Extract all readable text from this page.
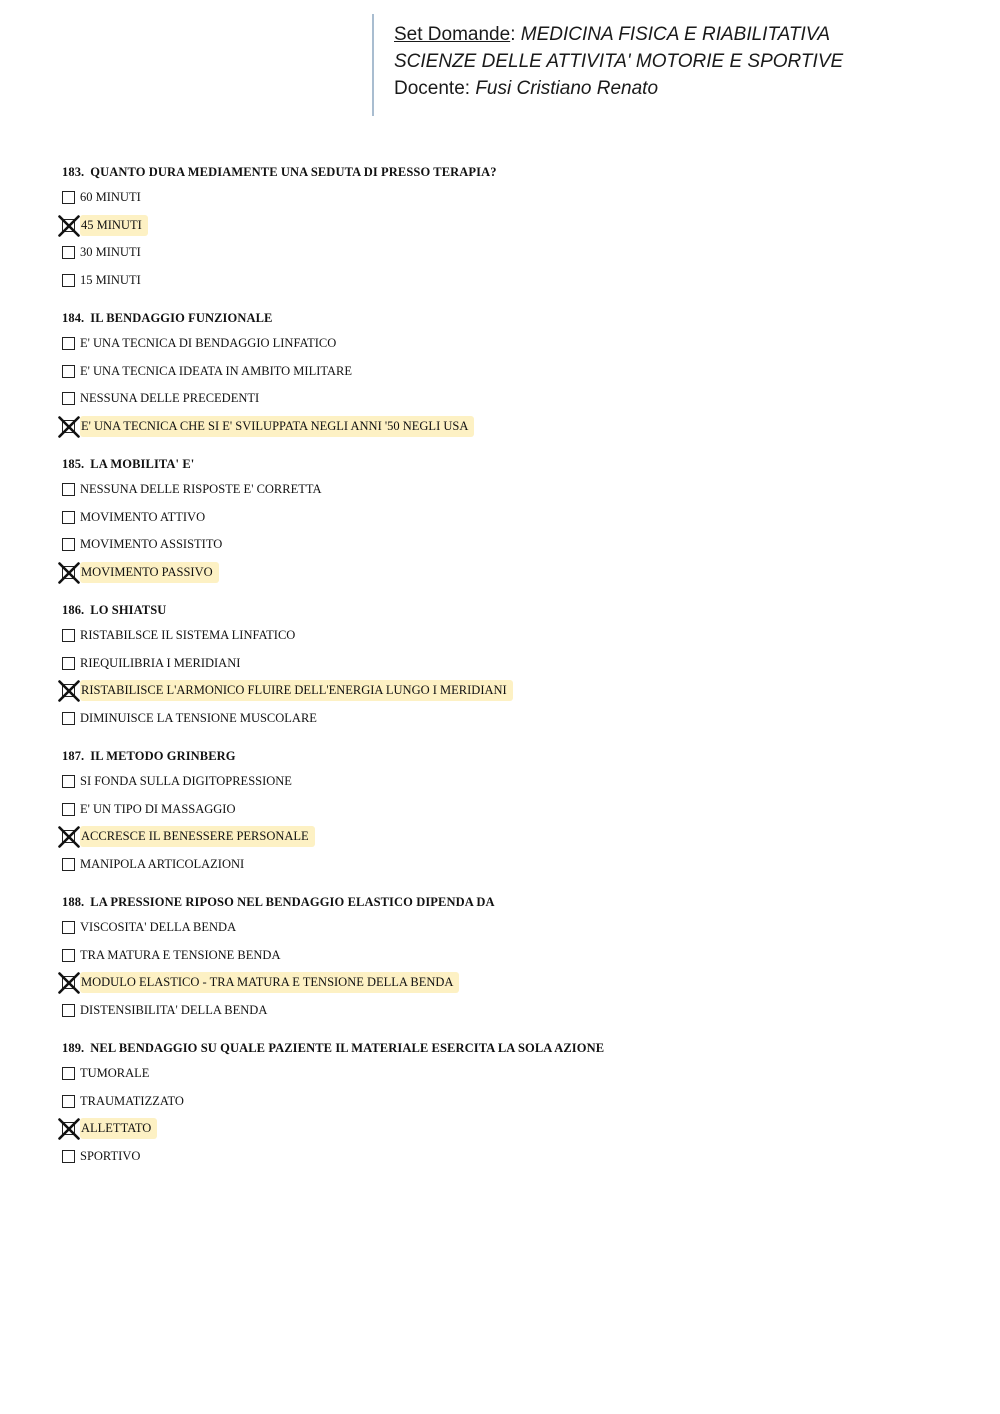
Set Domande: MEDICINA FISICA E RIABILITATIVA
SCIENZE DELLE ATTIVITA' MOTORIE E SPORTIVE
Docente: Fusi Cristiano Renato
183. QUANTO DURA MEDIAMENTE UNA SEDUTA DI PRESSO TERAPIA?
60 MINUTI
45 MINUTI
30 MINUTI
15 MINUTI
184. IL BENDAGGIO FUNZIONALE
E' UNA TECNICA DI BENDAGGIO LINFATICO
E' UNA TECNICA IDEATA IN AMBITO MILITARE
NESSUNA DELLE PRECEDENTI
E' UNA TECNICA CHE SI E' SVILUPPATA NEGLI ANNI '50 NEGLI USA
185. LA MOBILITA' E'
NESSUNA DELLE RISPOSTE E' CORRETTA
MOVIMENTO ATTIVO
MOVIMENTO ASSISTITO
MOVIMENTO PASSIVO
186. LO SHIATSU
RISTABILSCE IL SISTEMA LINFATICO
RIEQUILIBRIA I MERIDIANI
RISTABILISCE L'ARMONICO FLUIRE DELL'ENERGIA LUNGO I MERIDIANI
DIMINUISCE LA TENSIONE MUSCOLARE
187. IL METODO GRINBERG
SI FONDA SULLA DIGITOPRESSIONE
E' UN TIPO DI MASSAGGIO
ACCRESCE IL BENESSERE PERSONALE
MANIPOLA ARTICOLAZIONI
188. LA PRESSIONE RIPOSO NEL BENDAGGIO ELASTICO DIPENDA DA
VISCOSITA' DELLA BENDA
TRA MATURA E TENSIONE BENDA
MODULO ELASTICO - TRA MATURA E TENSIONE DELLA BENDA
DISTENSIBILITA' DELLA BENDA
189. NEL BENDAGGIO SU QUALE PAZIENTE IL MATERIALE ESERCITA LA SOLA AZIONE
TUMORALE
TRAUMATIZZATO
ALLETTATO
SPORTIVO
